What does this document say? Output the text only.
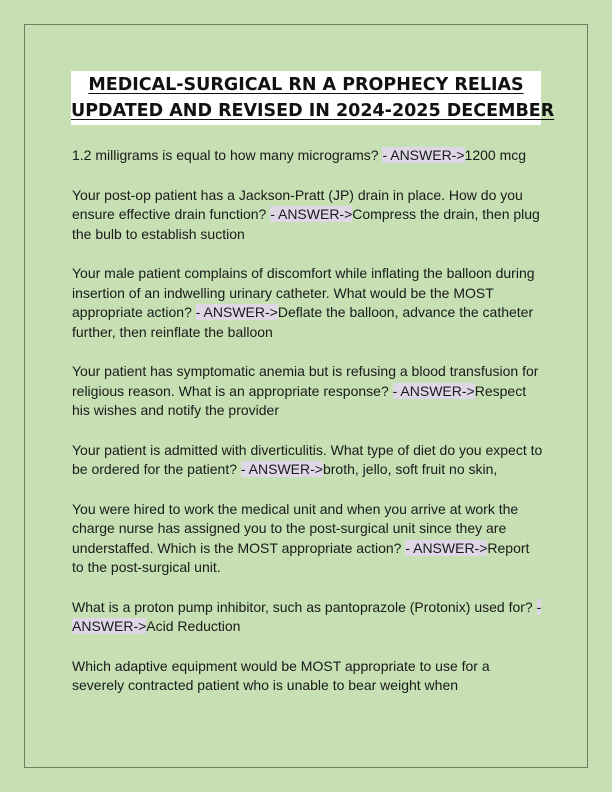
MEDICAL-SURGICAL RN A PROPHECY RELIAS
UPDATED AND REVISED IN 2024-2025 DECEMBER

1.2 milligrams is equal to how many micrograms? - ANSWER->1200 mcg

Your post-op patient has a Jackson-Pratt (JP) drain in place. How do you ensure effective drain function? - ANSWER->Compress the drain, then plug the bulb to establish suction

Your male patient complains of discomfort while inflating the balloon during insertion of an indwelling urinary catheter. What would be the MOST appropriate action? - ANSWER->Deflate the balloon, advance the catheter further, then reinflate the balloon

Your patient has symptomatic anemia but is refusing a blood transfusion for religious reason. What is an appropriate response? - ANSWER->Respect his wishes and notify the provider

Your patient is admitted with diverticulitis. What type of diet do you expect to be ordered for the patient? - ANSWER->broth, jello, soft fruit no skin,

You were hired to work the medical unit and when you arrive at work the charge nurse has assigned you to the post-surgical unit since they are understaffed. Which is the MOST appropriate action? - ANSWER->Report to the post-surgical unit.

What is a proton pump inhibitor, such as pantoprazole (Protonix) used for? - ANSWER->Acid Reduction

Which adaptive equipment would be MOST appropriate to use for a severely contracted patient who is unable to bear weight when
